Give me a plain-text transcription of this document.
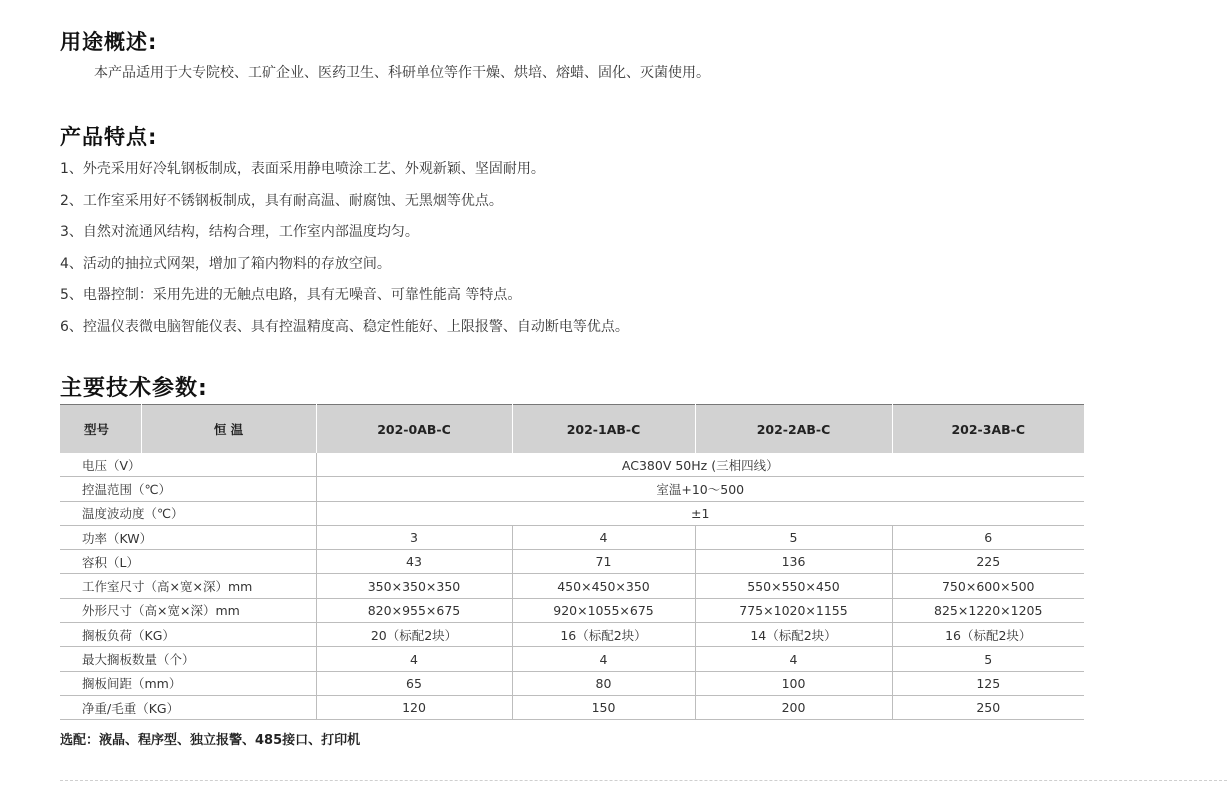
用途概述:

本产品适用于大专院校、工矿企业、医药卫生、科研单位等作干燥、烘培、熔蜡、固化、灭菌使用。

产品特点:
1、外壳采用好冷轧钢板制成，表面采用静电喷涂工艺、外观新颖、坚固耐用。
2、工作室采用好不锈钢板制成，具有耐高温、耐腐蚀、无黑烟等优点。
3、自然对流通风结构，结构合理，工作室内部温度均匀。
4、活动的抽拉式网架，增加了箱内物料的存放空间。
5、电器控制：采用先进的无触点电路，具有无噪音、可靠性能高 等特点。
6、控温仪表微电脑智能仪表、具有控温精度高、稳定性能好、上限报警、自动断电等优点。
主要技术参数:
型号	恒 温	202-0AB-C	202-1AB-C	202-2AB-C	202-3AB-C
电压（V）		AC380V 50Hz (三相四线）			
控温范围（℃）		室温+10～500			
温度波动度（℃）		±1			
功率（KW）		3	4	5	6
容积（L）		43	71	136	225
工作室尺寸（高×宽×深）mm		350×350×350	450×450×350	550×550×450	750×600×500
外形尺寸（高×宽×深）mm		820×955×675	920×1055×675	775×1020×1155	825×1220×1205
搁板负荷（KG）		20（标配2块）	16（标配2块）	14（标配2块）	16（标配2块）
最大搁板数量（个）		4	4	4	5
搁板间距（mm）		65	80	100	125
净重/毛重（KG）		120	150	200	250

选配：液晶、程序型、独立报警、485接口、打印机
